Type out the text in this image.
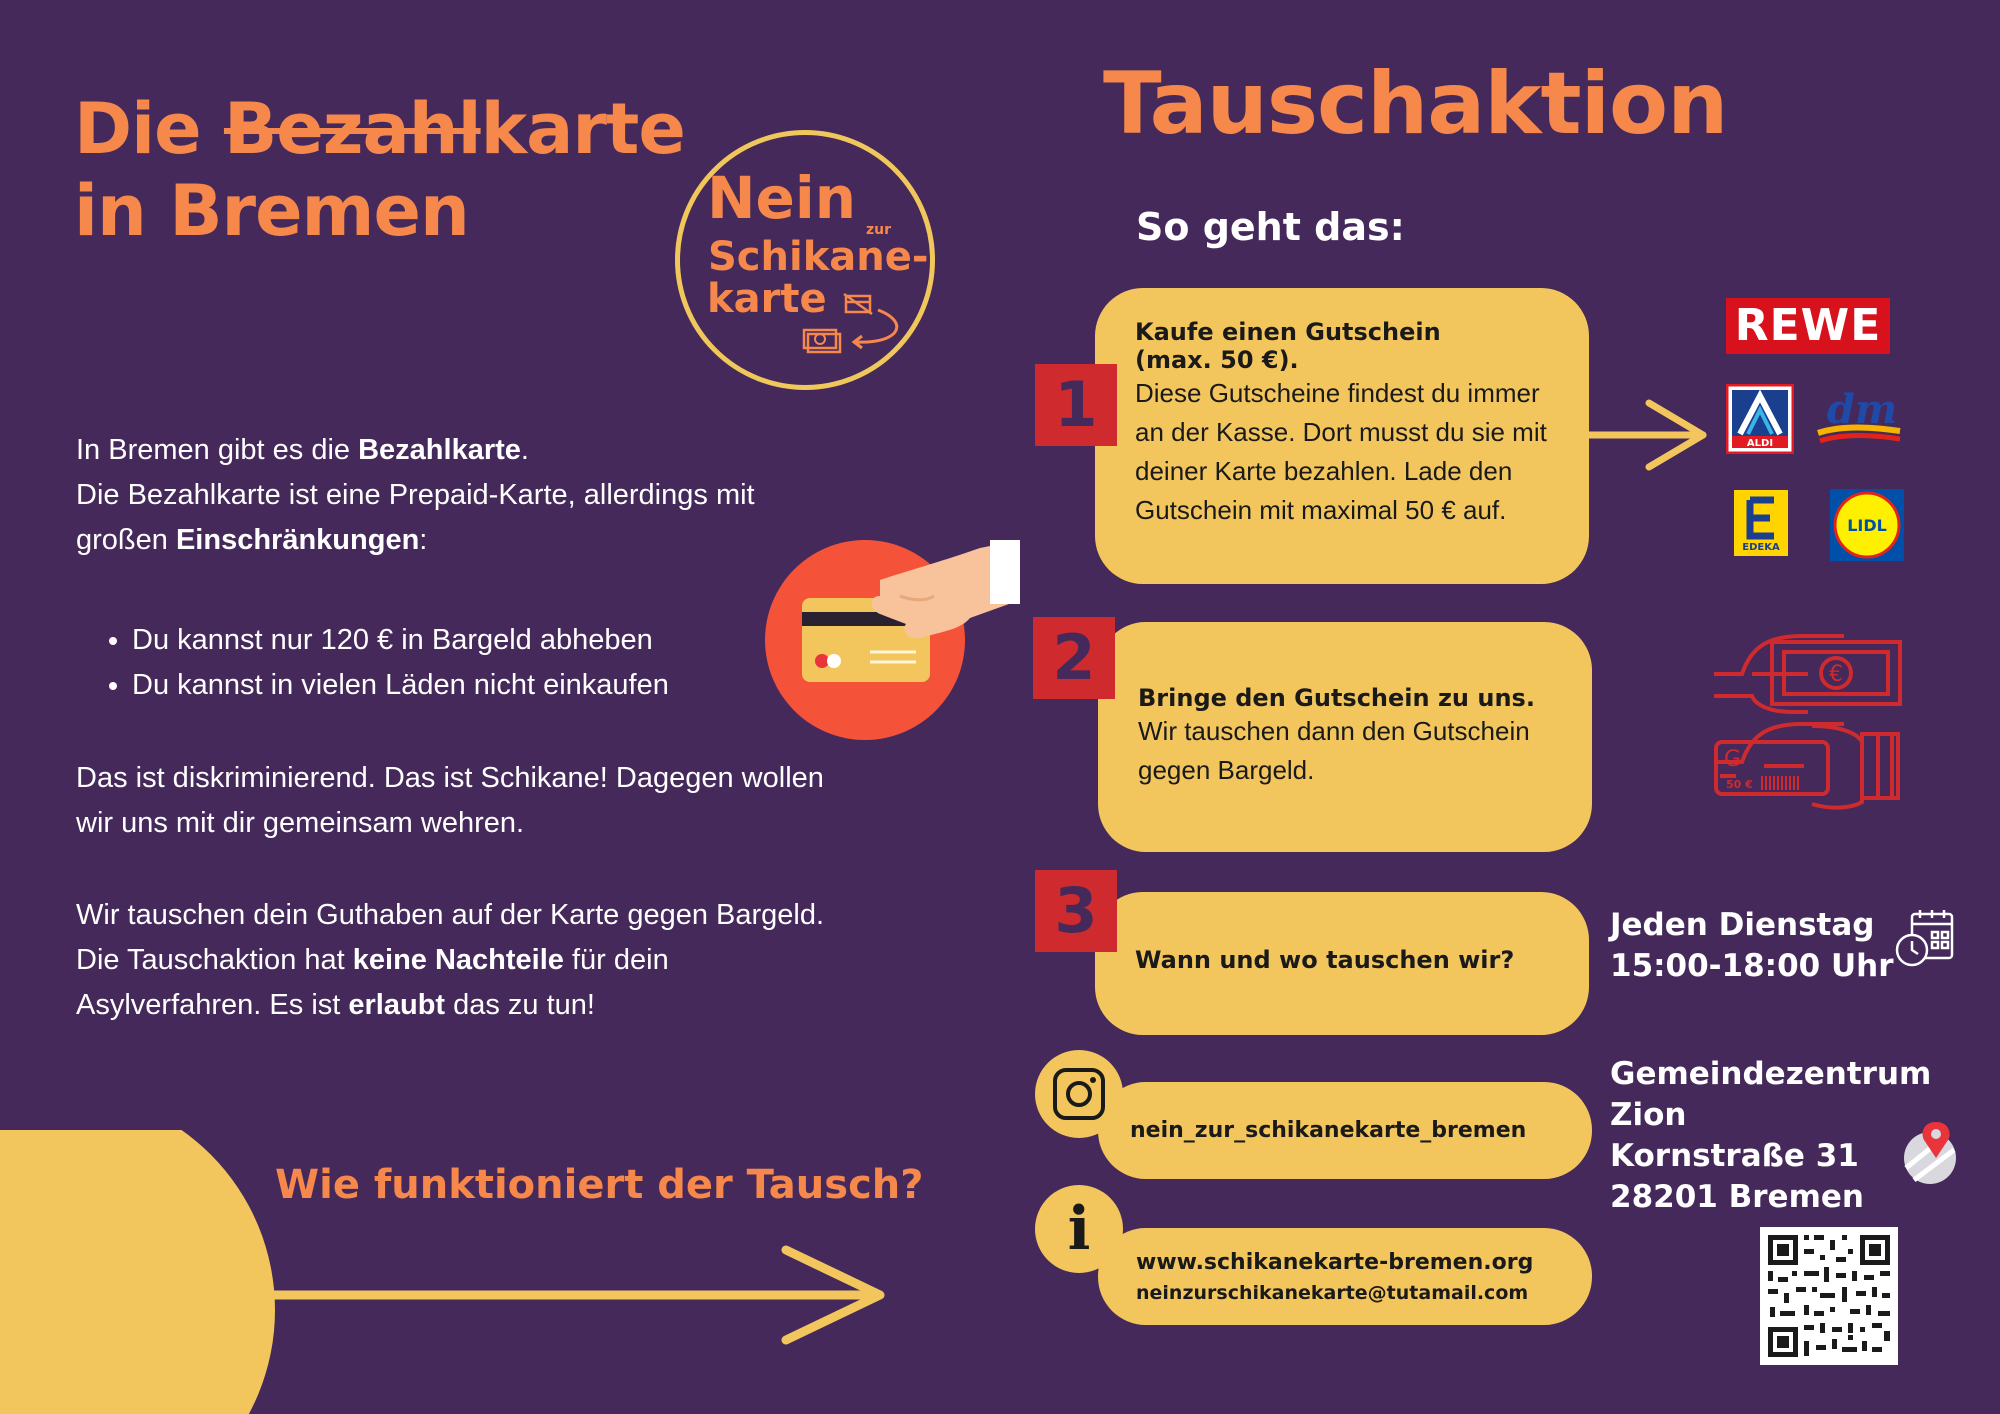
Die Bezahlkarte
in Bremen	Nein zur
Schikane-
karte
In Bremen gibt es die Bezahlkarte.
Die Bezahlkarte ist eine Prepaid-Karte, allerdings mit großen Einschränkungen:
• Du kannst nur 120 € in Bargeld abheben
• Du kannst in vielen Läden nicht einkaufen
Das ist diskriminierend. Das ist Schikane! Dagegen wollen wir uns mit dir gemeinsam wehren.
Wir tauschen dein Guthaben auf der Karte gegen Bargeld. Die Tauschaktion hat keine Nachteile für dein Asylverfahren. Es ist erlaubt das zu tun!

Wie funktioniert der Tausch?

Tauschaktion
So geht das:
Kaufe einen Gutschein
(max. 50 €).
Diese Gutscheine findest du immer an der Kasse. Dort musst du sie mit deiner Karte bezahlen. Lade den Gutschein mit maximal 50 € auf.
1
REWE
ALDI
dm
EDEKA
LIDL
Bringe den Gutschein zu uns.
Wir tauschen dann den Gutschein gegen Bargeld.
2	€
G
50 €
Wann und wo tauschen wir?
3	Jeden Dienstag
15:00-18:00 Uhr
Gemeindezentrum Zion
Kornstraße 31
28201 Bremen
nein_zur_schikanekarte_bremen
www.schikanekarte-bremen.org
neinzurschikanekarte@tutamail.com
i
